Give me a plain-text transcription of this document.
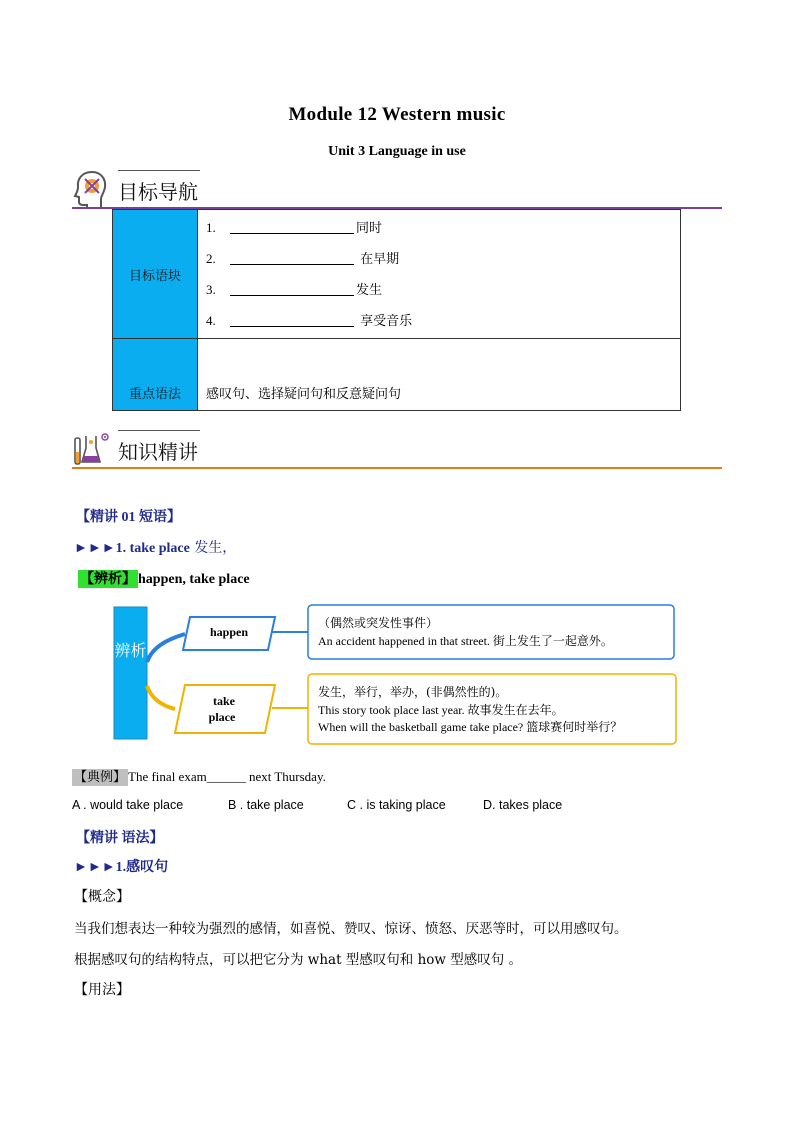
Module 12 Western music
Unit 3 Language in use
目标导航
目标语块	1. 同时
2. 在早期
3. 发生
4. 享受音乐

重点语法	感叹句、选择疑问句和反意疑问句
知识精讲
【精讲 01 短语】
►►►1. take place 发生，
【辨析】 happen, take place
辨析
happen
take
place
（偶然或突发性事件）
An accident happened in that street. 街上发生了一起意外。
发生，举行，举办，(非偶然性的)。
This story took place last year. 故事发生在去年。
When will the basketball game take place? 篮球赛何时举行？
【典例】 The final exam______ next Thursday.
A . would take place	B . take place	C . is taking place	D. takes place
【精讲 语法】
►►►1.感叹句
【概念】
当我们想表达一种较为强烈的感情，如喜悦、赞叹、惊讶、愤怒、厌恶等时，可以用感叹句。
根据感叹句的结构特点，可以把它分为 what 型感叹句和 how 型感叹句 。
【用法】
